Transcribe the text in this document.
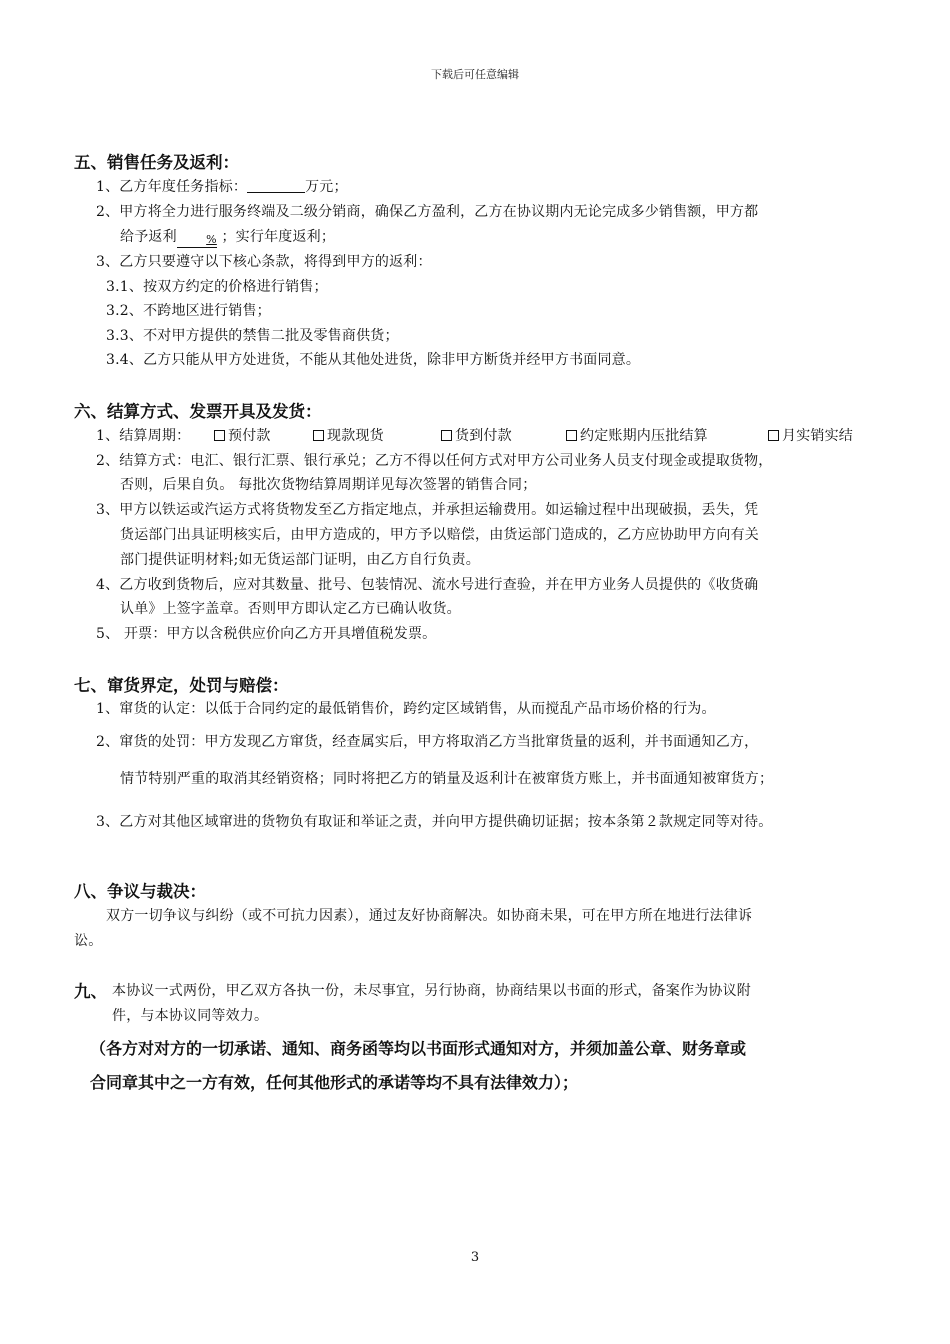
下载后可任意编辑
五、销售任务及返利：
1、乙方年度任务指标：	万元；
2、甲方将全力进行服务终端及二级分销商，确保乙方盈利，乙方在协议期内无论完成多少销售额，甲方都
给予返利	% ；实行年度返利；
3、乙方只要遵守以下核心条款，将得到甲方的返利：
3.1、按双方约定的价格进行销售；
3.2、不跨地区进行销售；
3.3、不对甲方提供的禁售二批及零售商供货；
3.4、乙方只能从甲方处进货，不能从其他处进货，除非甲方断货并经甲方书面同意。
六、结算方式、发票开具及发货：
1、结算周期：	预付款	现款现货	货到付款	约定账期内压批结算	月实销实结
2、结算方式：电汇、银行汇票、银行承兑；乙方不得以任何方式对甲方公司业务人员支付现金或提取货物，
否则，后果自负。 每批次货物结算周期详见每次签署的销售合同；
3、甲方以铁运或汽运方式将货物发至乙方指定地点，并承担运输费用。如运输过程中出现破损，丢失，凭
货运部门出具证明核实后，由甲方造成的，甲方予以赔偿，由货运部门造成的，乙方应协助甲方向有关
部门提供证明材料;如无货运部门证明，由乙方自行负责。
4、乙方收到货物后，应对其数量、批号、包装情况、流水号进行查验，并在甲方业务人员提供的《收货确
认单》上签字盖章。否则甲方即认定乙方已确认收货。
5、 开票：甲方以含税供应价向乙方开具增值税发票。
七、窜货界定，处罚与赔偿：
1、窜货的认定：以低于合同约定的最低销售价，跨约定区域销售，从而搅乱产品市场价格的行为。
2、窜货的处罚：甲方发现乙方窜货，经查属实后，甲方将取消乙方当批窜货量的返利，并书面通知乙方，
情节特别严重的取消其经销资格；同时将把乙方的销量及返利计在被窜货方账上，并书面通知被窜货方；
3、乙方对其他区域窜进的货物负有取证和举证之责，并向甲方提供确切证据；按本条第２款规定同等对待。
八、争议与裁决：
双方一切争议与纠纷（或不可抗力因素），通过友好协商解决。如协商未果，可在甲方所在地进行法律诉
讼。
九、 本协议一式两份，甲乙双方各执一份，未尽事宜，另行协商，协商结果以书面的形式，备案作为协议附
件，与本协议同等效力。
（各方对对方的一切承诺、通知、商务函等均以书面形式通知对方，并须加盖公章、财务章或
合同章其中之一方有效，任何其他形式的承诺等均不具有法律效力）；
3
